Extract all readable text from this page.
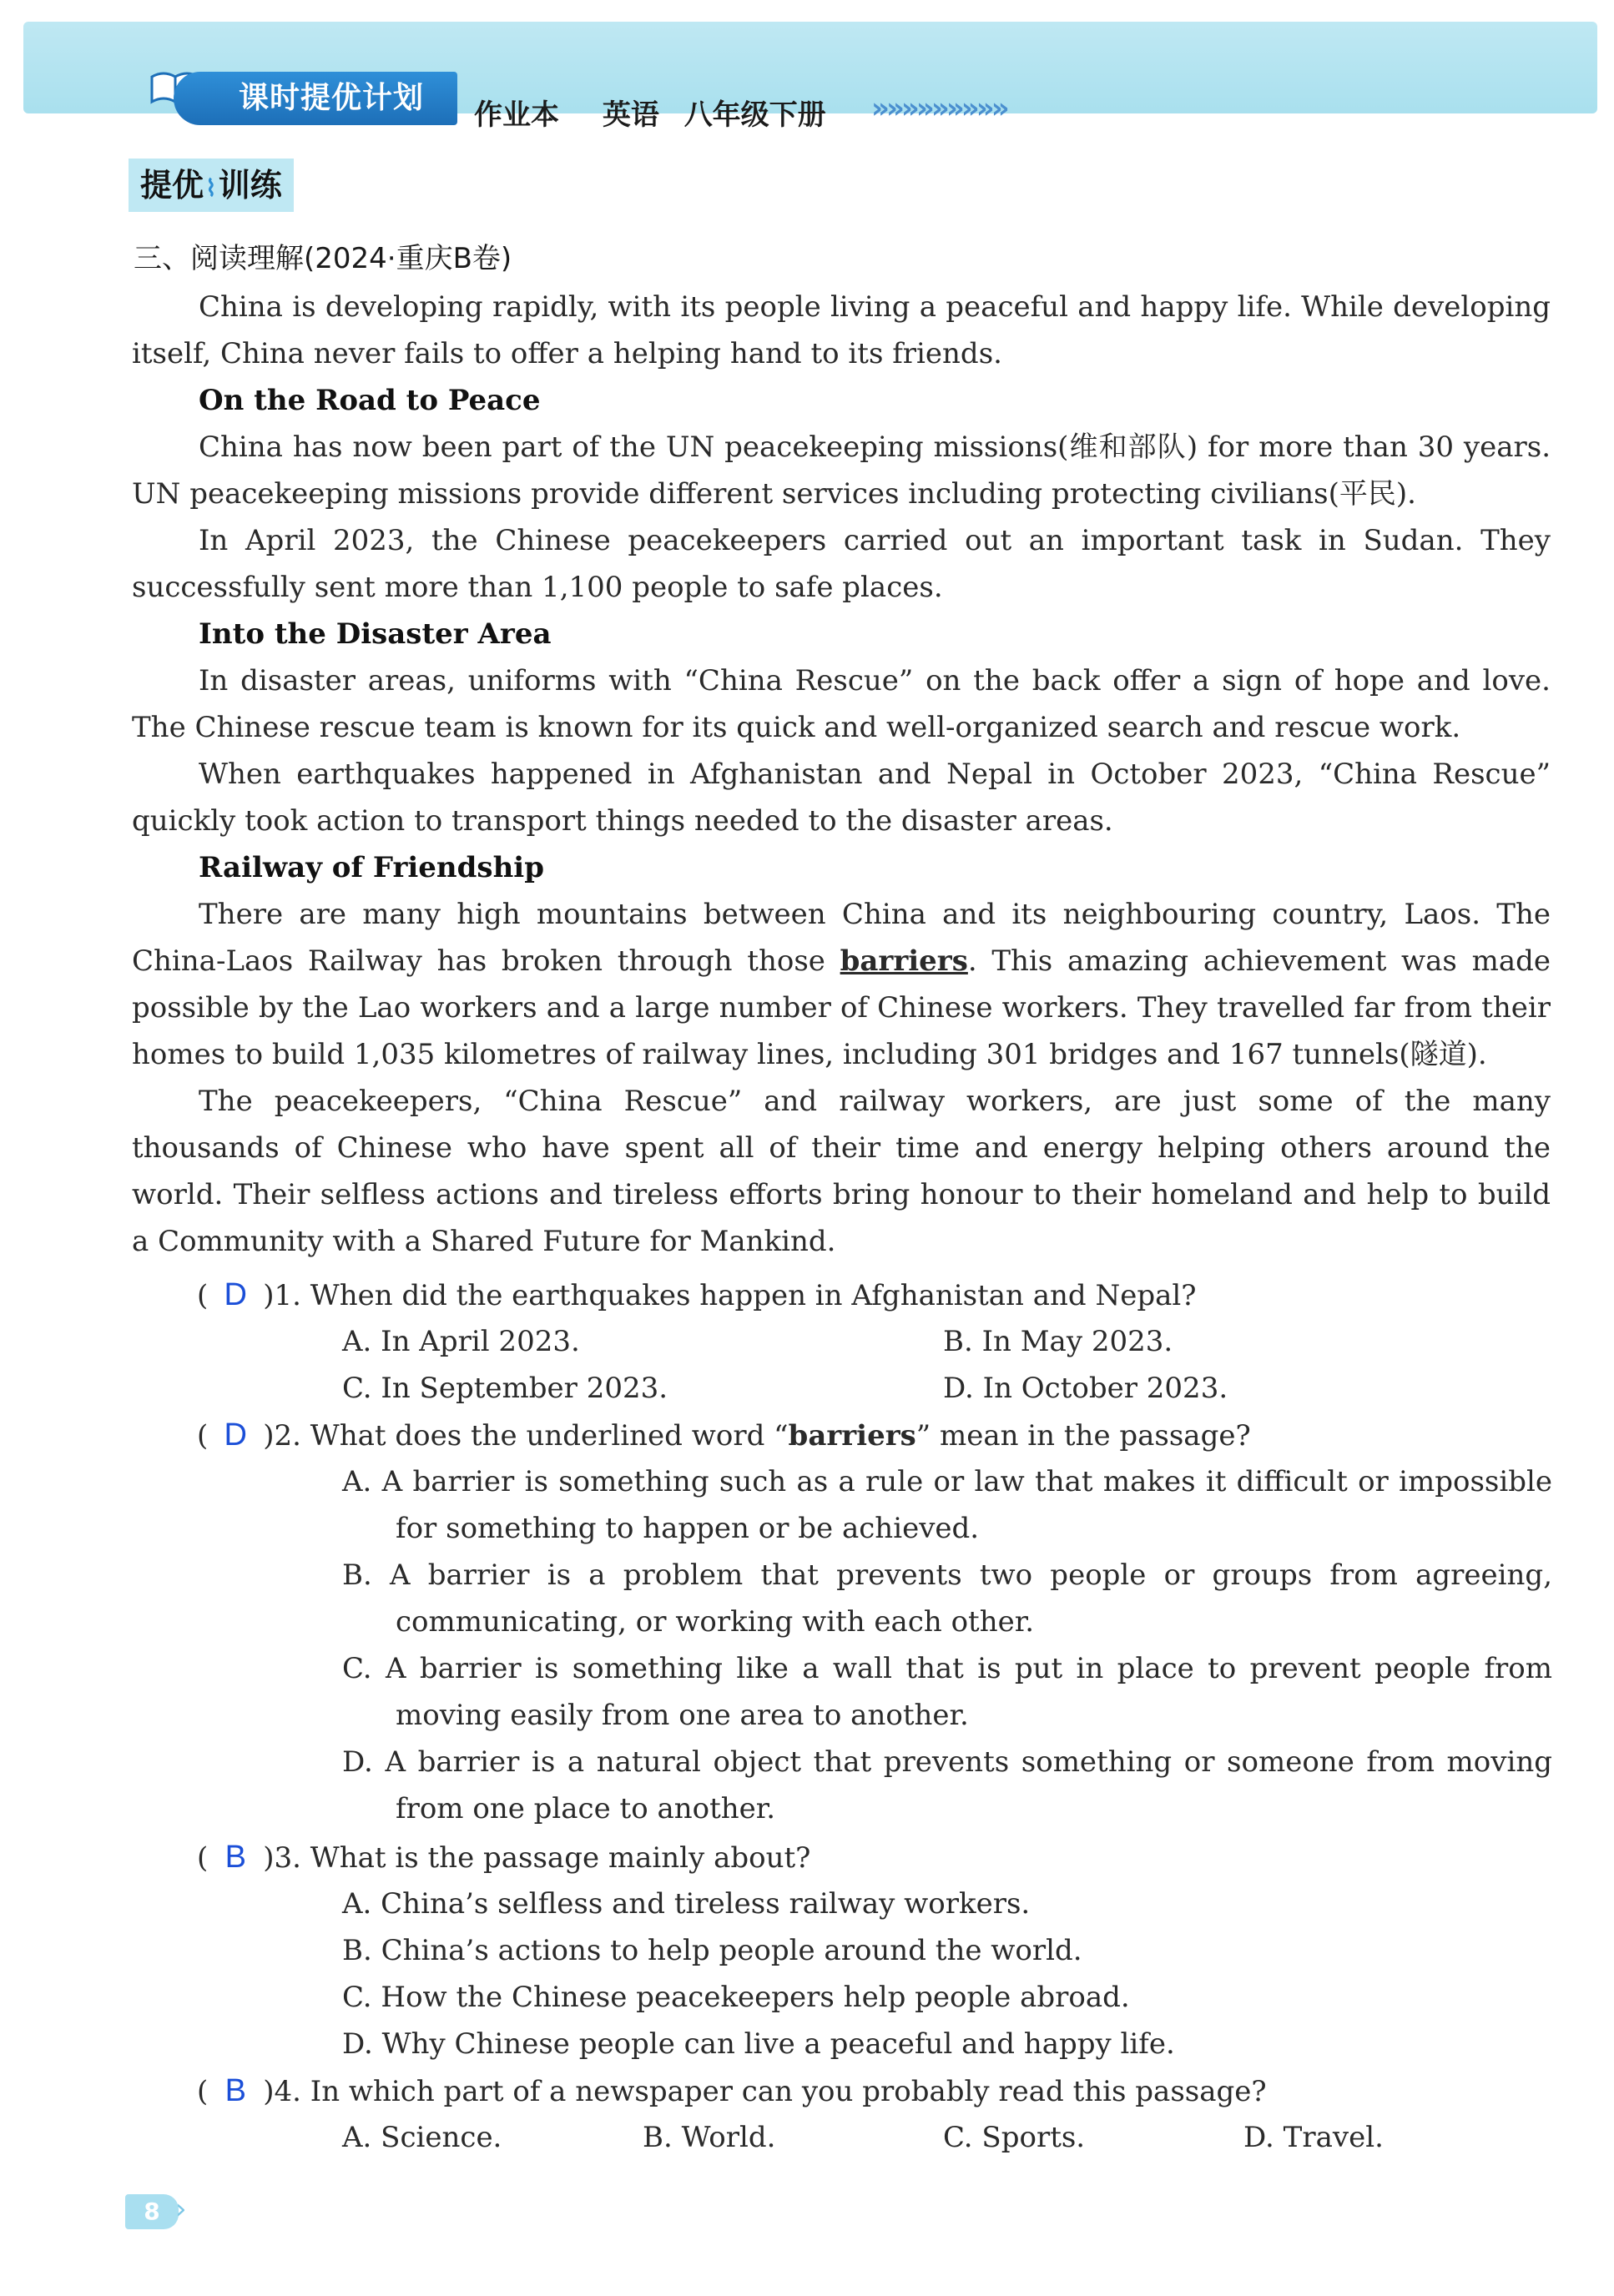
课时提优计划	作业本 英语 八年级下册	»»»»»»»»»
提优⌇训练
三、阅读理解(2024·重庆B卷)
China is developing rapidly, with its people living a peaceful and happy life. While developing itself, China never fails to offer a helping hand to its friends.
On the Road to Peace
China has now been part of the UN peacekeeping missions(维和部队) for more than 30 years. UN peacekeeping missions provide different services including protecting civilians(平民).
In April 2023, the Chinese peacekeepers carried out an important task in Sudan. They successfully sent more than 1,100 people to safe places.
Into the Disaster Area
In disaster areas, uniforms with “China Rescue” on the back offer a sign of hope and love. The Chinese rescue team is known for its quick and well-organized search and rescue work.
When earthquakes happened in Afghanistan and Nepal in October 2023, “China Rescue” quickly took action to transport things needed to the disaster areas.
Railway of Friendship
There are many high mountains between China and its neighbouring country, Laos. The China-Laos Railway has broken through those barriers. This amazing achievement was made possible by the Lao workers and a large number of Chinese workers. They travelled far from their homes to build 1,035 kilometres of railway lines, including 301 bridges and 167 tunnels(隧道).
The peacekeepers, “China Rescue” and railway workers, are just some of the many thousands of Chinese who have spent all of their time and energy helping others around the world. Their selfless actions and tireless efforts bring honour to their homeland and help to build a Community with a Shared Future for Mankind.
( D )1. When did the earthquakes happen in Afghanistan and Nepal?
A. In April 2023.	B. In May 2023.
C. In September 2023.	D. In October 2023.
( D )2. What does the underlined word “barriers” mean in the passage?
A. A barrier is something such as a rule or law that makes it difficult or impossible for something to happen or be achieved.
B. A barrier is a problem that prevents two people or groups from agreeing, communicating, or working with each other.
C. A barrier is something like a wall that is put in place to prevent people from moving easily from one area to another.
D. A barrier is a natural object that prevents something or someone from moving from one place to another.
( B )3. What is the passage mainly about?
A. China’s selfless and tireless railway workers.
B. China’s actions to help people around the world.
C. How the Chinese peacekeepers help people abroad.
D. Why Chinese people can live a peaceful and happy life.
( B )4. In which part of a newspaper can you probably read this passage?
A. Science.	B. World.	C. Sports.	D. Travel.
8 ›
